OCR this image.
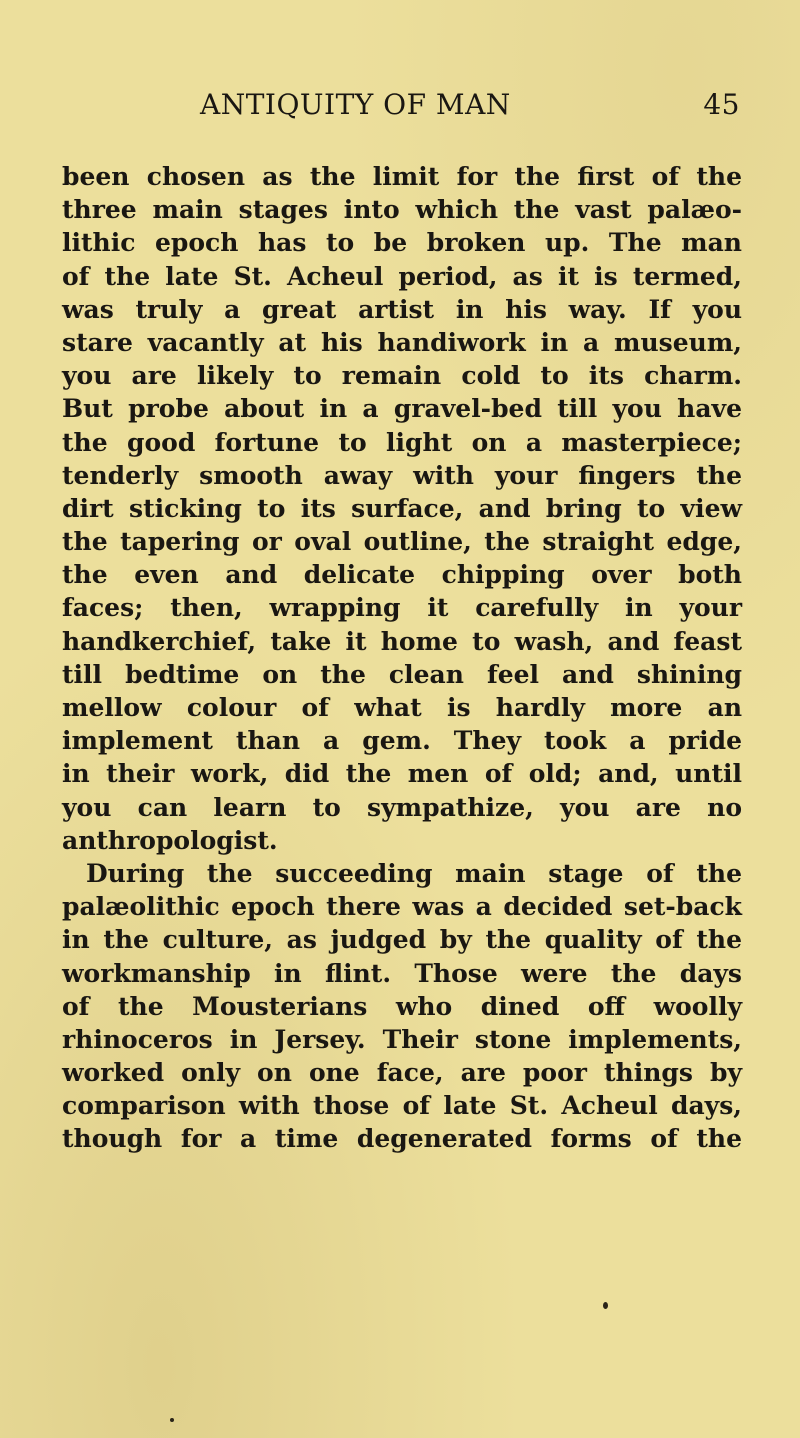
ANTIQUITY OF MAN	45
been chosen as the limit for the first of the
three main stages into which the vast palæo-
lithic epoch has to be broken up. The man
of the late St. Acheul period, as it is termed,
was truly a great artist in his way. If you
stare vacantly at his handiwork in a museum,
you are likely to remain cold to its charm.
But probe about in a gravel-bed till you have
the good fortune to light on a masterpiece;
tenderly smooth away with your fingers the
dirt sticking to its surface, and bring to view
the tapering or oval outline, the straight edge,
the even and delicate chipping over both
faces; then, wrapping it carefully in your
handkerchief, take it home to wash, and feast
till bedtime on the clean feel and shining
mellow colour of what is hardly more an
implement than a gem. They took a pride
in their work, did the men of old; and, until
you can learn to sympathize, you are no
anthropologist.
During the succeeding main stage of the
palæolithic epoch there was a decided set-back
in the culture, as judged by the quality of the
workmanship in flint. Those were the days
of the Mousterians who dined off woolly
rhinoceros in Jersey. Their stone implements,
worked only on one face, are poor things by
comparison with those of late St. Acheul days,
though for a time degenerated forms of the
